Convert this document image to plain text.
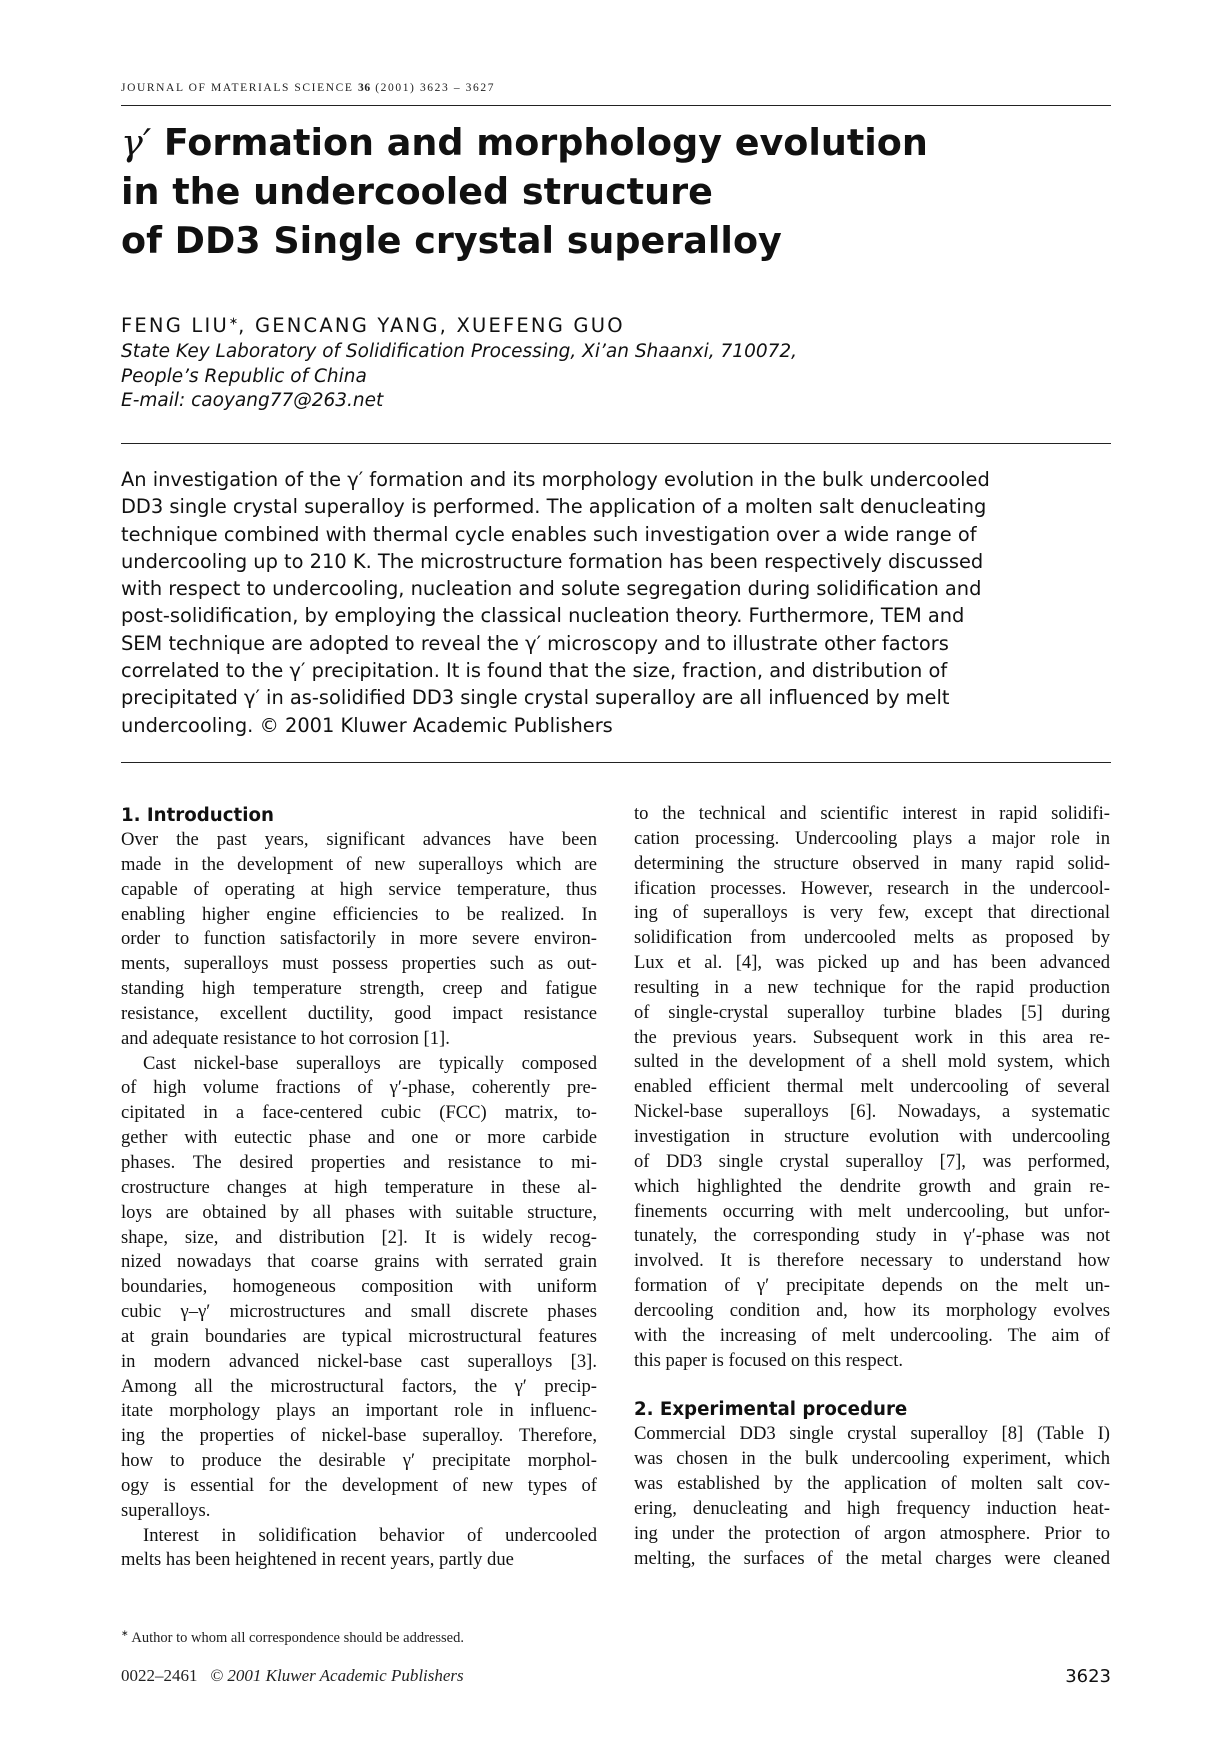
JOURNAL OF MATERIALS SCIENCE 36 (2001) 3623 – 3627
γ′ Formation and morphology evolution
in the undercooled structure
of DD3 Single crystal superalloy
FENG LIU∗, GENCANG YANG, XUEFENG GUO
State Key Laboratory of Solidification Processing, Xi’an Shaanxi, 710072,
People’s Republic of China
E-mail: caoyang77@263.net
An investigation of the γ′ formation and its morphology evolution in the bulk undercooled
DD3 single crystal superalloy is performed. The application of a molten salt denucleating
technique combined with thermal cycle enables such investigation over a wide range of
undercooling up to 210 K. The microstructure formation has been respectively discussed
with respect to undercooling, nucleation and solute segregation during solidification and
post-solidification, by employing the classical nucleation theory. Furthermore, TEM and
SEM technique are adopted to reveal the γ′ microscopy and to illustrate other factors
correlated to the γ′ precipitation. It is found that the size, fraction, and distribution of
precipitated γ′ in as-solidified DD3 single crystal superalloy are all influenced by melt
undercooling. © 2001 Kluwer Academic Publishers
1. Introduction
Over the past years, significant advances have been
made in the development of new superalloys which are
capable of operating at high service temperature, thus
enabling higher engine efficiencies to be realized. In
order to function satisfactorily in more severe environ-
ments, superalloys must possess properties such as out-
standing high temperature strength, creep and fatigue
resistance, excellent ductility, good impact resistance
and adequate resistance to hot corrosion [1].
Cast nickel-base superalloys are typically composed
of high volume fractions of γ′-phase, coherently pre-
cipitated in a face-centered cubic (FCC) matrix, to-
gether with eutectic phase and one or more carbide
phases. The desired properties and resistance to mi-
crostructure changes at high temperature in these al-
loys are obtained by all phases with suitable structure,
shape, size, and distribution [2]. It is widely recog-
nized nowadays that coarse grains with serrated grain
boundaries, homogeneous composition with uniform
cubic γ–γ′ microstructures and small discrete phases
at grain boundaries are typical microstructural features
in modern advanced nickel-base cast superalloys [3].
Among all the microstructural factors, the γ′ precip-
itate morphology plays an important role in influenc-
ing the properties of nickel-base superalloy. Therefore,
how to produce the desirable γ′ precipitate morphol-
ogy is essential for the development of new types of
superalloys.
Interest in solidification behavior of undercooled
melts has been heightened in recent years, partly due
to the technical and scientific interest in rapid solidifi-
cation processing. Undercooling plays a major role in
determining the structure observed in many rapid solid-
ification processes. However, research in the undercool-
ing of superalloys is very few, except that directional
solidification from undercooled melts as proposed by
Lux et al. [4], was picked up and has been advanced
resulting in a new technique for the rapid production
of single-crystal superalloy turbine blades [5] during
the previous years. Subsequent work in this area re-
sulted in the development of a shell mold system, which
enabled efficient thermal melt undercooling of several
Nickel-base superalloys [6]. Nowadays, a systematic
investigation in structure evolution with undercooling
of DD3 single crystal superalloy [7], was performed,
which highlighted the dendrite growth and grain re-
finements occurring with melt undercooling, but unfor-
tunately, the corresponding study in γ′-phase was not
involved. It is therefore necessary to understand how
formation of γ′ precipitate depends on the melt un-
dercooling condition and, how its morphology evolves
with the increasing of melt undercooling. The aim of
this paper is focused on this respect.
2. Experimental procedure
Commercial DD3 single crystal superalloy [8] (Table I)
was chosen in the bulk undercooling experiment, which
was established by the application of molten salt cov-
ering, denucleating and high frequency induction heat-
ing under the protection of argon atmosphere. Prior to
melting, the surfaces of the metal charges were cleaned
∗ Author to whom all correspondence should be addressed.
0022–2461 © 2001 Kluwer Academic Publishers	3623
